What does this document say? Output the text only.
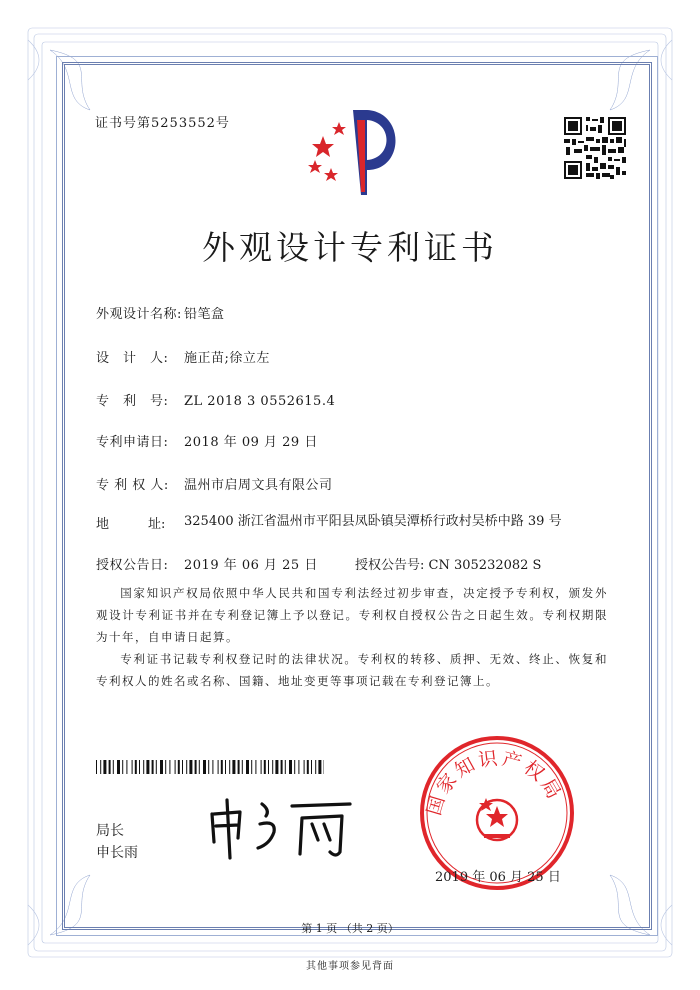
证书号第5253552号
外观设计专利证书
外观设计名称: 铅笔盒
设　计　人: 施正苗;徐立左
专　利　号: ZL 2018 3 0552615.4
专利申请日: 2018 年 09 月 29 日
专 利 权 人: 温州市启周文具有限公司
地　　　址: 325400 浙江省温州市平阳县凤卧镇吴潭桥行政村吴桥中路 39 号
授权公告日: 2019 年 06 月 25 日	授权公告号: CN 305232082 S
国家知识产权局依照中华人民共和国专利法经过初步审查，决定授予专利权，颁发外观设计专利证书并在专利登记簿上予以登记。专利权自授权公告之日起生效。专利权期限为十年，自申请日起算。
专利证书记载专利权登记时的法律状况。专利权的转移、质押、无效、终止、恢复和专利权人的姓名或名称、国籍、地址变更等事项记载在专利登记簿上。
局长
申长雨
国家知识产权局
2019 年 06 月 25 日
第 1 页 （共 2 页）
其他事项参见背面
